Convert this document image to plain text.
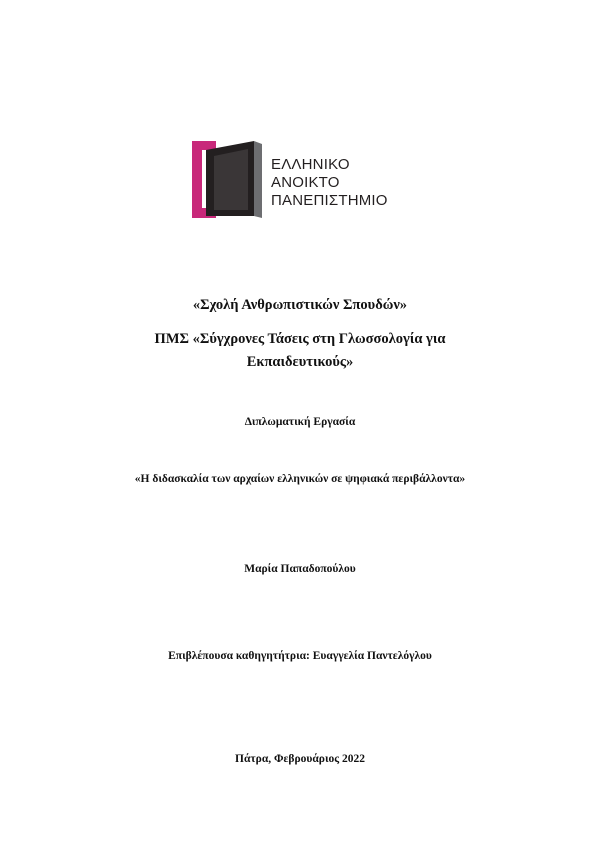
ΕΛΛΗΝΙΚΟ
ΑΝΟΙΚΤΟ
ΠΑΝΕΠΙΣΤΗΜΙΟ
«Σχολή Ανθρωπιστικών Σπουδών»
ΠΜΣ «Σύγχρονες Τάσεις στη Γλωσσολογία για
Εκπαιδευτικούς»
Διπλωματική Εργασία
«Η διδασκαλία των αρχαίων ελληνικών σε ψηφιακά περιβάλλοντα»
Μαρία Παπαδοπούλου
Επιβλέπουσα καθηγητήτρια: Ευαγγελία Παντελόγλου
Πάτρα, Φεβρουάριος 2022
